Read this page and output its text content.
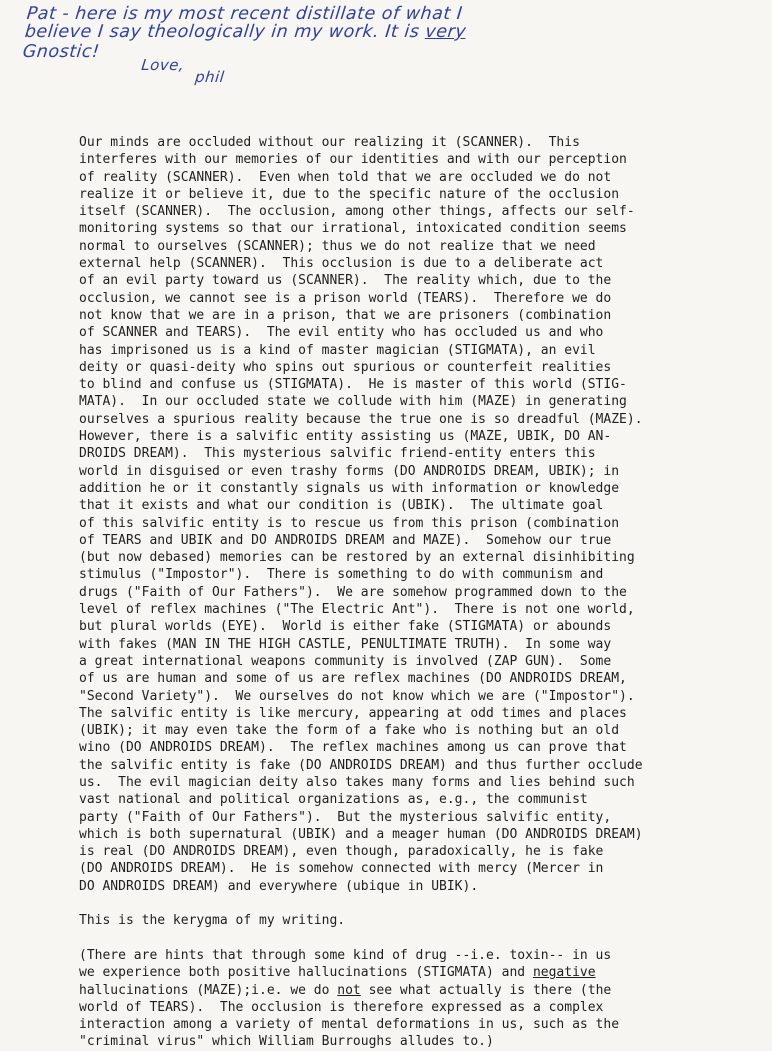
Pat - here is my most recent distillate of what I
believe I say theologically in my work. It is very
Gnostic!
Love,
phil

Our minds are occluded without our realizing it (SCANNER).  This

interferes with our memories of our identities and with our perception

of reality (SCANNER).  Even when told that we are occluded we do not

realize it or believe it, due to the specific nature of the occlusion

itself (SCANNER).  The occlusion, among other things, affects our self-

monitoring systems so that our irrational, intoxicated condition seems

normal to ourselves (SCANNER); thus we do not realize that we need

external help (SCANNER).  This occlusion is due to a deliberate act

of an evil party toward us (SCANNER).  The reality which, due to the

occlusion, we cannot see is a prison world (TEARS).  Therefore we do

not know that we are in a prison, that we are prisoners (combination

of SCANNER and TEARS).  The evil entity who has occluded us and who

has imprisoned us is a kind of master magician (STIGMATA), an evil

deity or quasi-deity who spins out spurious or counterfeit realities

to blind and confuse us (STIGMATA).  He is master of this world (STIG-

MATA).  In our occluded state we collude with him (MAZE) in generating

ourselves a spurious reality because the true one is so dreadful (MAZE).

However, there is a salvific entity assisting us (MAZE, UBIK, DO AN-

DROIDS DREAM).  This mysterious salvific friend-entity enters this

world in disguised or even trashy forms (DO ANDROIDS DREAM, UBIK); in

addition he or it constantly signals us with information or knowledge

that it exists and what our condition is (UBIK).  The ultimate goal

of this salvific entity is to rescue us from this prison (combination

of TEARS and UBIK and DO ANDROIDS DREAM and MAZE).  Somehow our true

(but now debased) memories can be restored by an external disinhibiting

stimulus ("Impostor").  There is something to do with communism and

drugs ("Faith of Our Fathers").  We are somehow programmed down to the

level of reflex machines ("The Electric Ant").  There is not one world,

but plural worlds (EYE).  World is either fake (STIGMATA) or abounds

with fakes (MAN IN THE HIGH CASTLE, PENULTIMATE TRUTH).  In some way

a great international weapons community is involved (ZAP GUN).  Some

of us are human and some of us are reflex machines (DO ANDROIDS DREAM,

"Second Variety").  We ourselves do not know which we are ("Impostor").

The salvific entity is like mercury, appearing at odd times and places

(UBIK); it may even take the form of a fake who is nothing but an old

wino (DO ANDROIDS DREAM).  The reflex machines among us can prove that

the salvific entity is fake (DO ANDROIDS DREAM) and thus further occlude

us.  The evil magician deity also takes many forms and lies behind such

vast national and political organizations as, e.g., the communist

party ("Faith of Our Fathers").  But the mysterious salvific entity,

which is both supernatural (UBIK) and a meager human (DO ANDROIDS DREAM)

is real (DO ANDROIDS DREAM), even though, paradoxically, he is fake

(DO ANDROIDS DREAM).  He is somehow connected with mercy (Mercer in

DO ANDROIDS DREAM) and everywhere (ubique in UBIK).

This is the kerygma of my writing.

(There are hints that through some kind of drug --i.e. toxin-- in us

we experience both positive hallucinations (STIGMATA) and negative

hallucinations (MAZE);i.e. we do not see what actually is there (the

world of TEARS).  The occlusion is therefore expressed as a complex

interaction among a variety of mental deformations in us, such as the

"criminal virus" which William Burroughs alludes to.)
